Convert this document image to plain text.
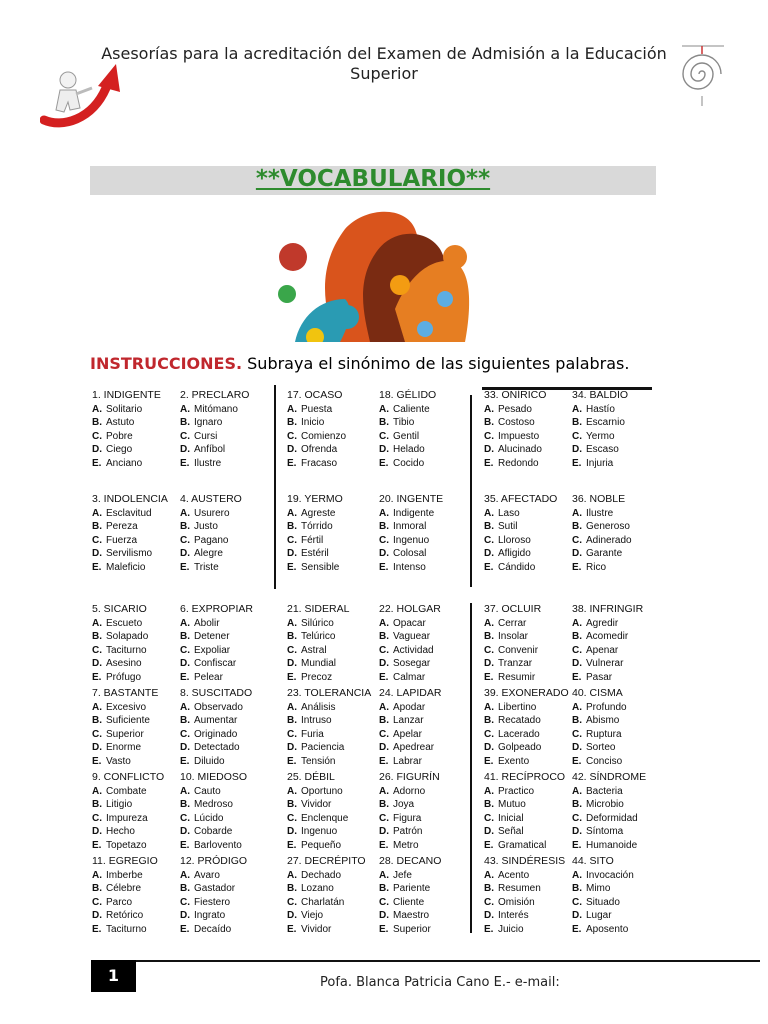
Asesorías para la acreditación del Examen de Admisión a la Educación Superior
**VOCABULARIO**
INSTRUCCIONES. Subraya el sinónimo de las siguientes palabras.
1. INDIGENTE
A. Solitario
B. Astuto
C. Pobre
D. Ciego
E. Anciano
2. PRECLARO
A. Mitómano
B. Ignaro
C. Cursi
D. Anfíbol
E. Ilustre
17. OCASO
A. Puesta
B. Inicio
C. Comienzo
D. Ofrenda
E. Fracaso
18. GÉLIDO
A. Caliente
B. Tibio
C. Gentil
D. Helado
E. Cocido
33. ONÍRICO
A. Pesado
B. Costoso
C. Impuesto
D. Alucinado
E. Redondo
34. BALDÍO
A. Hastío
B. Escarnio
C. Yermo
D. Escaso
E. Injuria
3. INDOLENCIA
A. Esclavitud
B. Pereza
C. Fuerza
D. Servilismo
E. Maleficio
4. AUSTERO
A. Usurero
B. Justo
C. Pagano
D. Alegre
E. Triste
19. YERMO
A. Agreste
B. Tórrido
C. Fértil
D. Estéril
E. Sensible
20. INGENTE
A. Indigente
B. Inmoral
C. Ingenuo
D. Colosal
E. Intenso
35. AFECTADO
A. Laso
B. Sutil
C. Lloroso
D. Afligido
E. Cándido
36. NOBLE
A. Ilustre
B. Generoso
C. Adinerado
D. Garante
E. Rico
5. SICARIO
A. Escueto
B. Solapado
C. Taciturno
D. Asesino
E. Prófugo
6. EXPROPIAR
A. Abolir
B. Detener
C. Expoliar
D. Confiscar
E. Pelear
21. SIDERAL
A. Silúrico
B. Telúrico
C. Astral
D. Mundial
E. Precoz
22. HOLGAR
A. Opacar
B. Vaguear
C. Actividad
D. Sosegar
E. Calmar
37. OCLUIR
A. Cerrar
B. Insolar
C. Convenir
D. Tranzar
E. Resumir
38. INFRINGIR
A. Agredir
B. Acomedir
C. Apenar
D. Vulnerar
E. Pasar
7. BASTANTE
A. Excesivo
B. Suficiente
C. Superior
D. Enorme
E. Vasto
8. SUSCITADO
A. Observado
B. Aumentar
C. Originado
D. Detectado
E. Diluido
23. TOLERANCIA
A. Análisis
B. Intruso
C. Furia
D. Paciencia
E. Tensión
24. LAPIDAR
A. Apodar
B. Lanzar
C. Apelar
D. Apedrear
E. Labrar
39. EXONERADO
A. Libertino
B. Recatado
C. Lacerado
D. Golpeado
E. Exento
40. CISMA
A. Profundo
B. Abismo
C. Ruptura
D. Sorteo
E. Conciso
9. CONFLICTO
A. Combate
B. Litigio
C. Impureza
D. Hecho
E. Topetazo
10. MIEDOSO
A. Cauto
B. Medroso
C. Lúcido
D. Cobarde
E. Barlovento
25. DÉBIL
A. Oportuno
B. Vividor
C. Enclenque
D. Ingenuo
E. Pequeño
26. FIGURÍN
A. Adorno
B. Joya
C. Figura
D. Patrón
E. Metro
41. RECÍPROCO
A. Practico
B. Mutuo
C. Inicial
D. Señal
E. Gramatical
42. SÍNDROME
A. Bacteria
B. Microbio
C. Deformidad
D. Síntoma
E. Humanoide
11. EGREGIO
A. Imberbe
B. Célebre
C. Parco
D. Retórico
E. Taciturno
12. PRÓDIGO
A. Avaro
B. Gastador
C. Fiestero
D. Ingrato
E. Decaído
27. DECRÉPITO
A. Dechado
B. Lozano
C. Charlatán
D. Viejo
E. Vividor
28. DECANO
A. Jefe
B. Pariente
C. Cliente
D. Maestro
E. Superior
43. SINDÉRESIS
A. Acento
B. Resumen
C. Omisión
D. Interés
E. Juicio
44. SITO
A. Invocación
B. Mimo
C. Situado
D. Lugar
E. Aposento
1	Pofa. Blanca Patricia Cano E.- e-mail:
